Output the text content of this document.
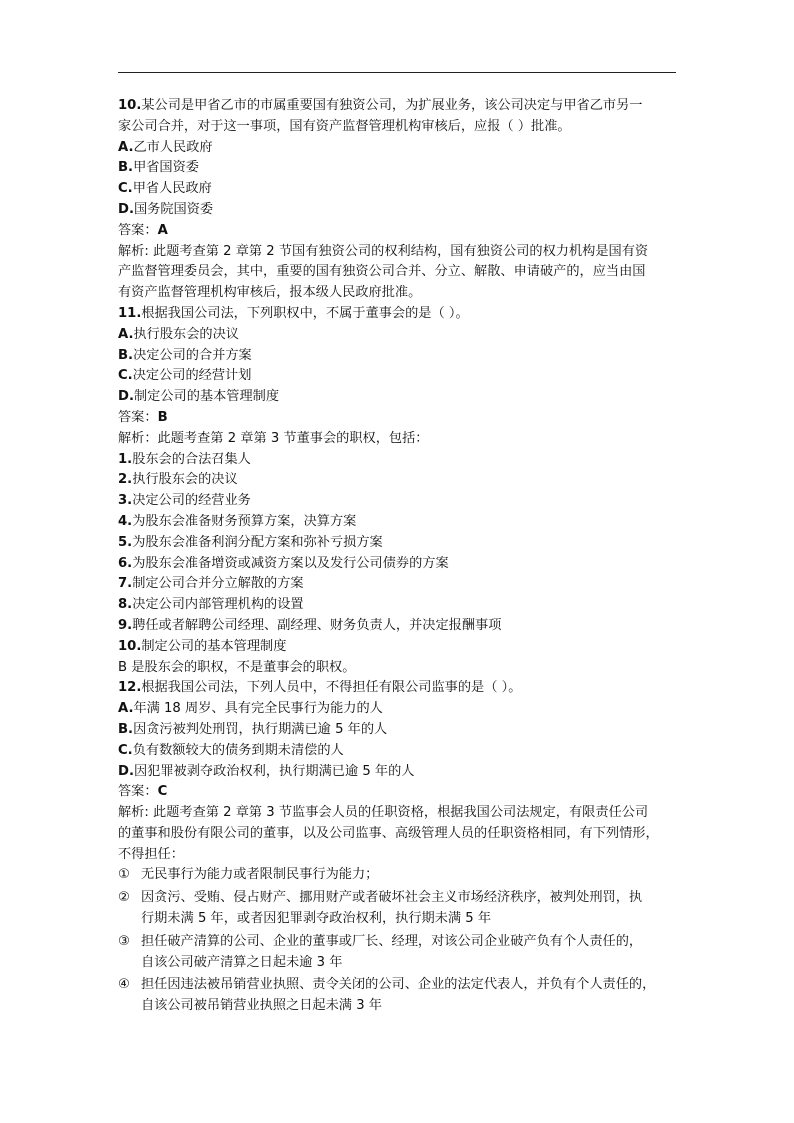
10.某公司是甲省乙市的市属重要国有独资公司，为扩展业务，该公司决定与甲省乙市另一
家公司合并，对于这一事项，国有资产监督管理机构审核后，应报（ ）批准。
A.乙市人民政府
B.甲省国资委
C.甲省人民政府
D.国务院国资委
答案：A
解析: 此题考查第 2 章第 2 节国有独资公司的权利结构，国有独资公司的权力机构是国有资
产监督管理委员会，其中，重要的国有独资公司合并、分立、解散、申请破产的，应当由国
有资产监督管理机构审核后，报本级人民政府批准。
11.根据我国公司法，下列职权中，不属于董事会的是（ ）。
A.执行股东会的决议
B.决定公司的合并方案
C.决定公司的经营计划
D.制定公司的基本管理制度
答案：B
解析：此题考查第 2 章第 3 节董事会的职权，包括：
1.股东会的合法召集人
2.执行股东会的决议
3.决定公司的经营业务
4.为股东会准备财务预算方案，决算方案
5.为股东会准备利润分配方案和弥补亏损方案
6.为股东会准备增资或减资方案以及发行公司债券的方案
7.制定公司合并分立解散的方案
8.决定公司内部管理机构的设置
9.聘任或者解聘公司经理、副经理、财务负责人，并决定报酬事项
10.制定公司的基本管理制度
B 是股东会的职权，不是董事会的职权。
12.根据我国公司法，下列人员中，不得担任有限公司监事的是（ ）。
A.年满 18 周岁、具有完全民事行为能力的人
B.因贪污被判处刑罚，执行期满已逾 5 年的人
C.负有数额较大的债务到期未清偿的人
D.因犯罪被剥夺政治权利，执行期满已逾 5 年的人
答案：C
解析: 此题考查第 2 章第 3 节监事会人员的任职资格，根据我国公司法规定，有限责任公司
的董事和股份有限公司的董事，以及公司监事、高级管理人员的任职资格相同，有下列情形，
不得担任：
① 无民事行为能力或者限制民事行为能力；
② 因贪污、受贿、侵占财产、挪用财产或者破坏社会主义市场经济秩序，被判处刑罚，执
行期未满 5 年，或者因犯罪剥夺政治权利，执行期未满 5 年
③ 担任破产清算的公司、企业的董事或厂长、经理，对该公司企业破产负有个人责任的，
自该公司破产清算之日起未逾 3 年
④ 担任因违法被吊销营业执照、责令关闭的公司、企业的法定代表人，并负有个人责任的，
自该公司被吊销营业执照之日起未满 3 年
